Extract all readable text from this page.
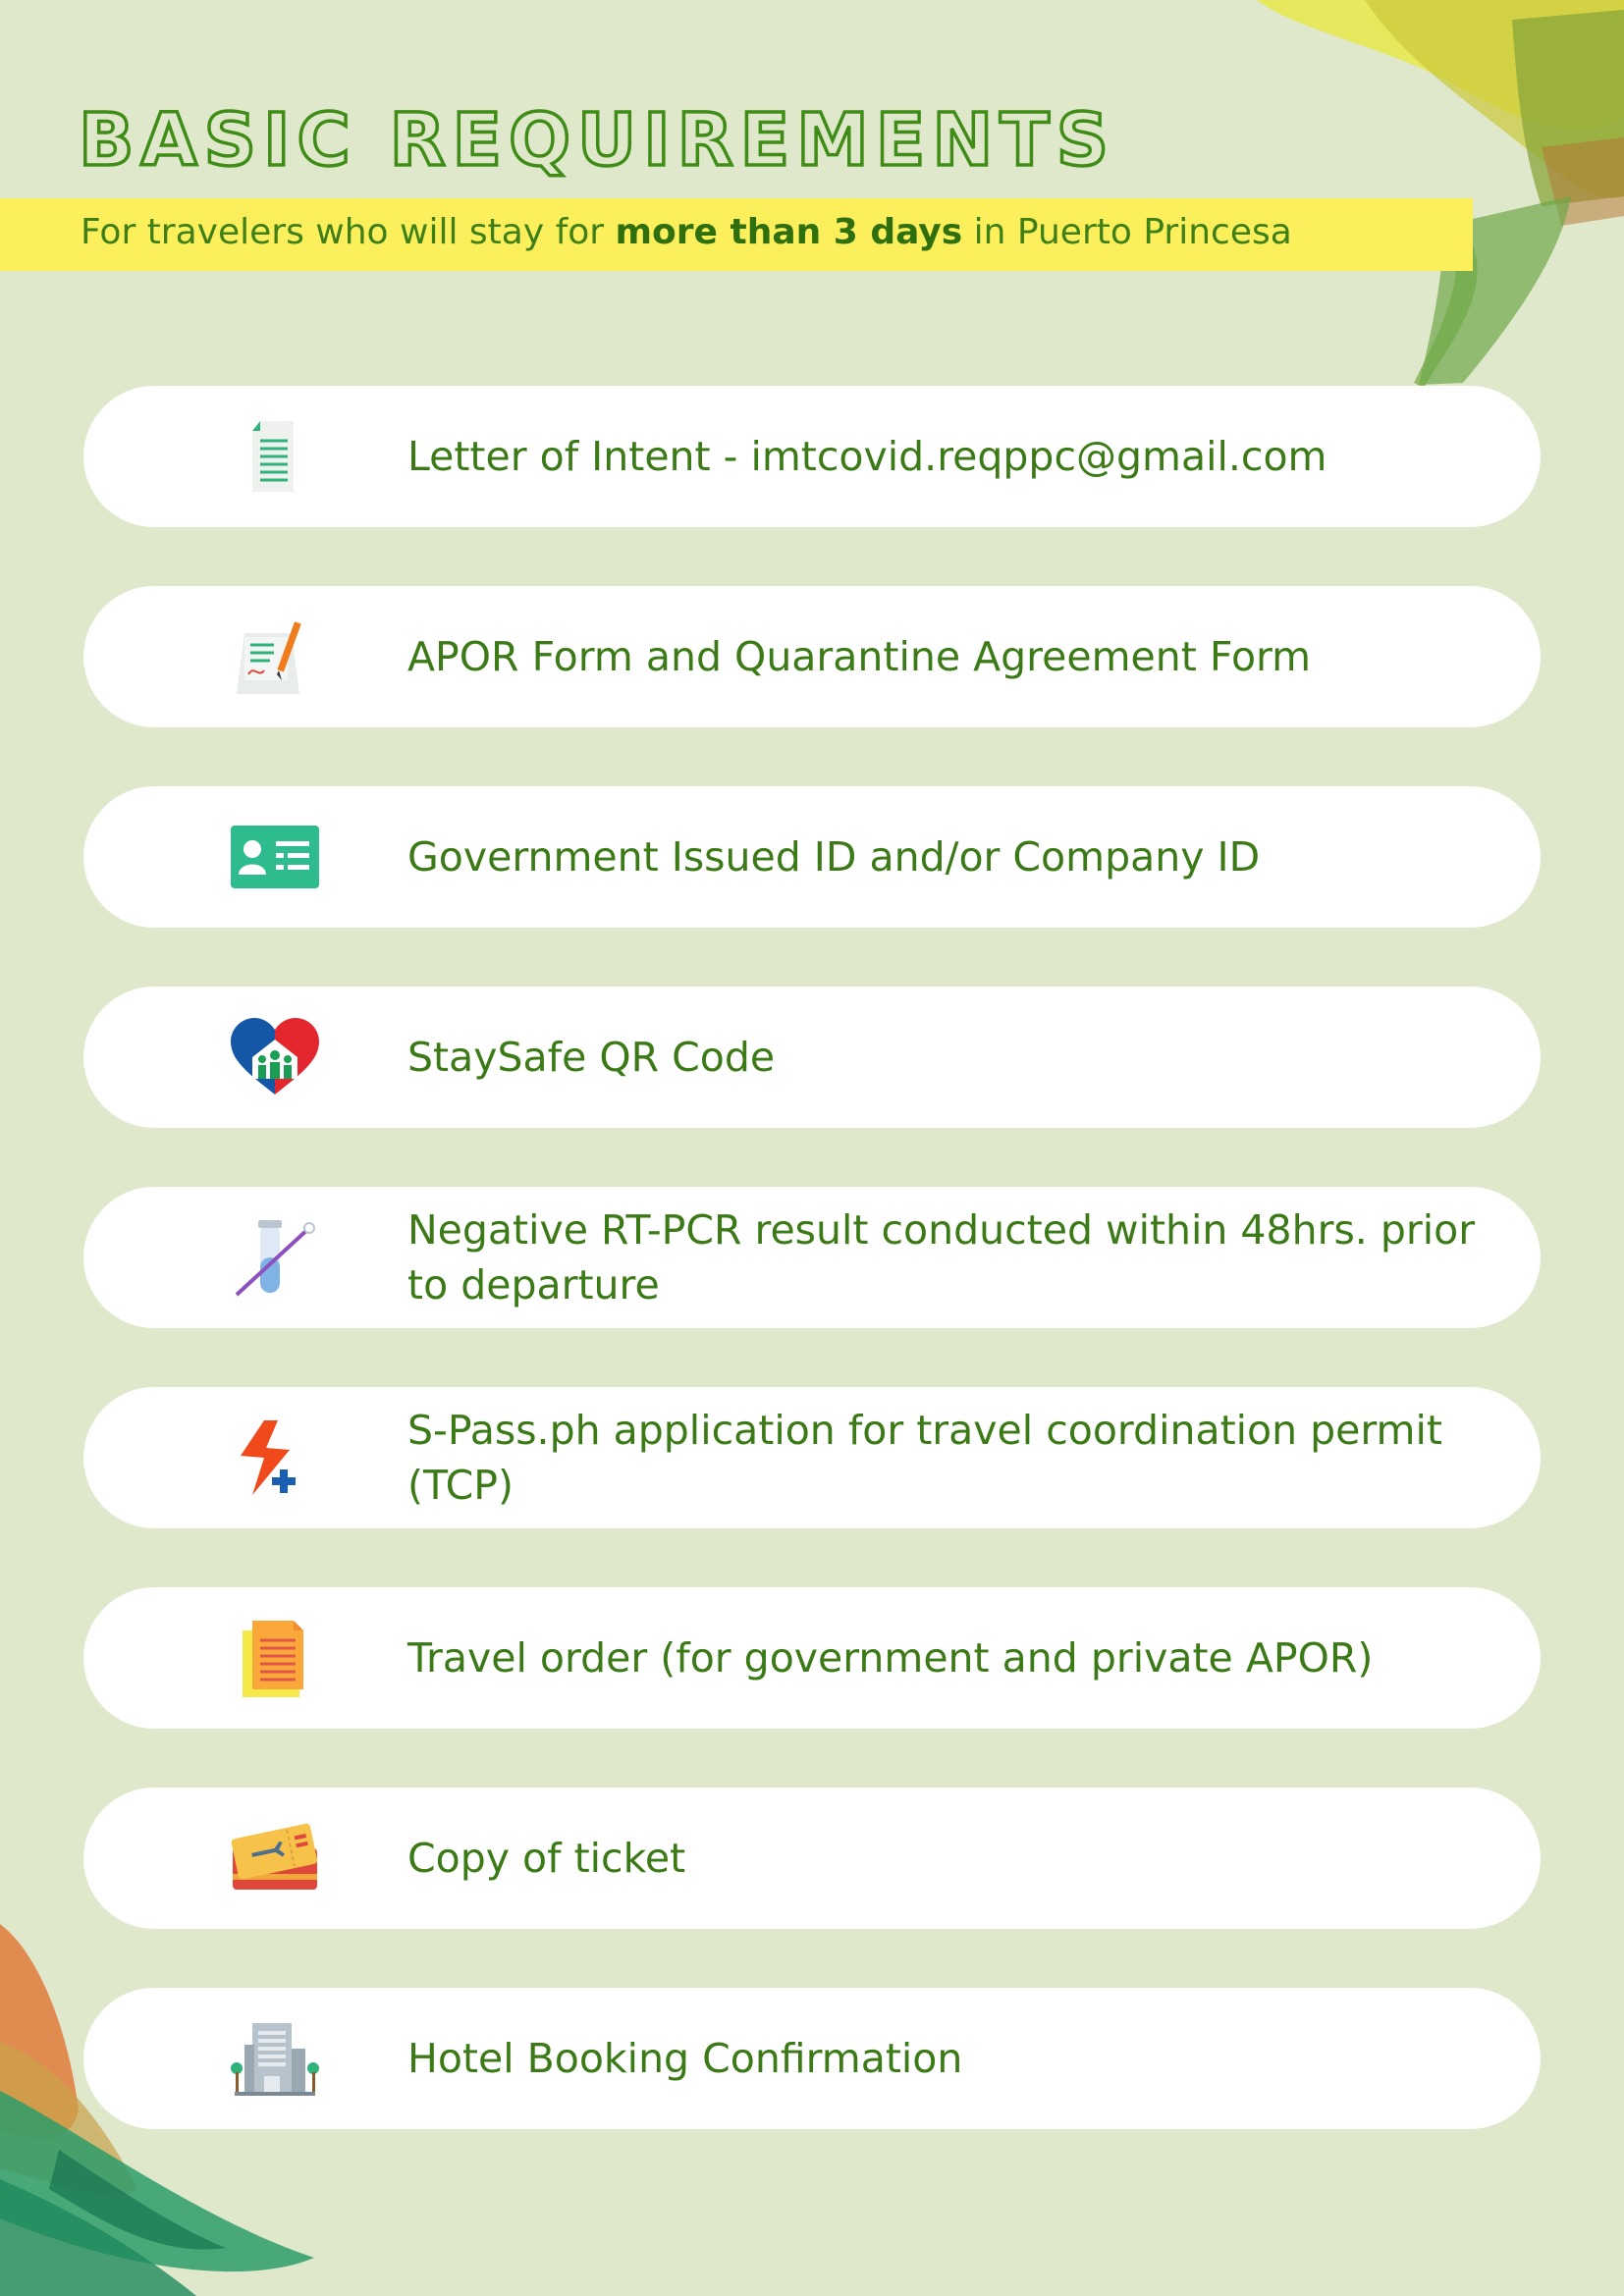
BASIC REQUIREMENTS
For travelers who will stay for more than 3 days in Puerto Princesa
Letter of Intent - imtcovid.reqppc@gmail.com
APOR Form and Quarantine Agreement Form
Government Issued ID and/or Company ID
StaySafe QR Code
Negative RT-PCR result conducted within 48hrs. prior to departure
S-Pass.ph application for travel coordination permit (TCP)
Travel order (for government and private APOR)
Copy of ticket
Hotel Booking Confirmation
